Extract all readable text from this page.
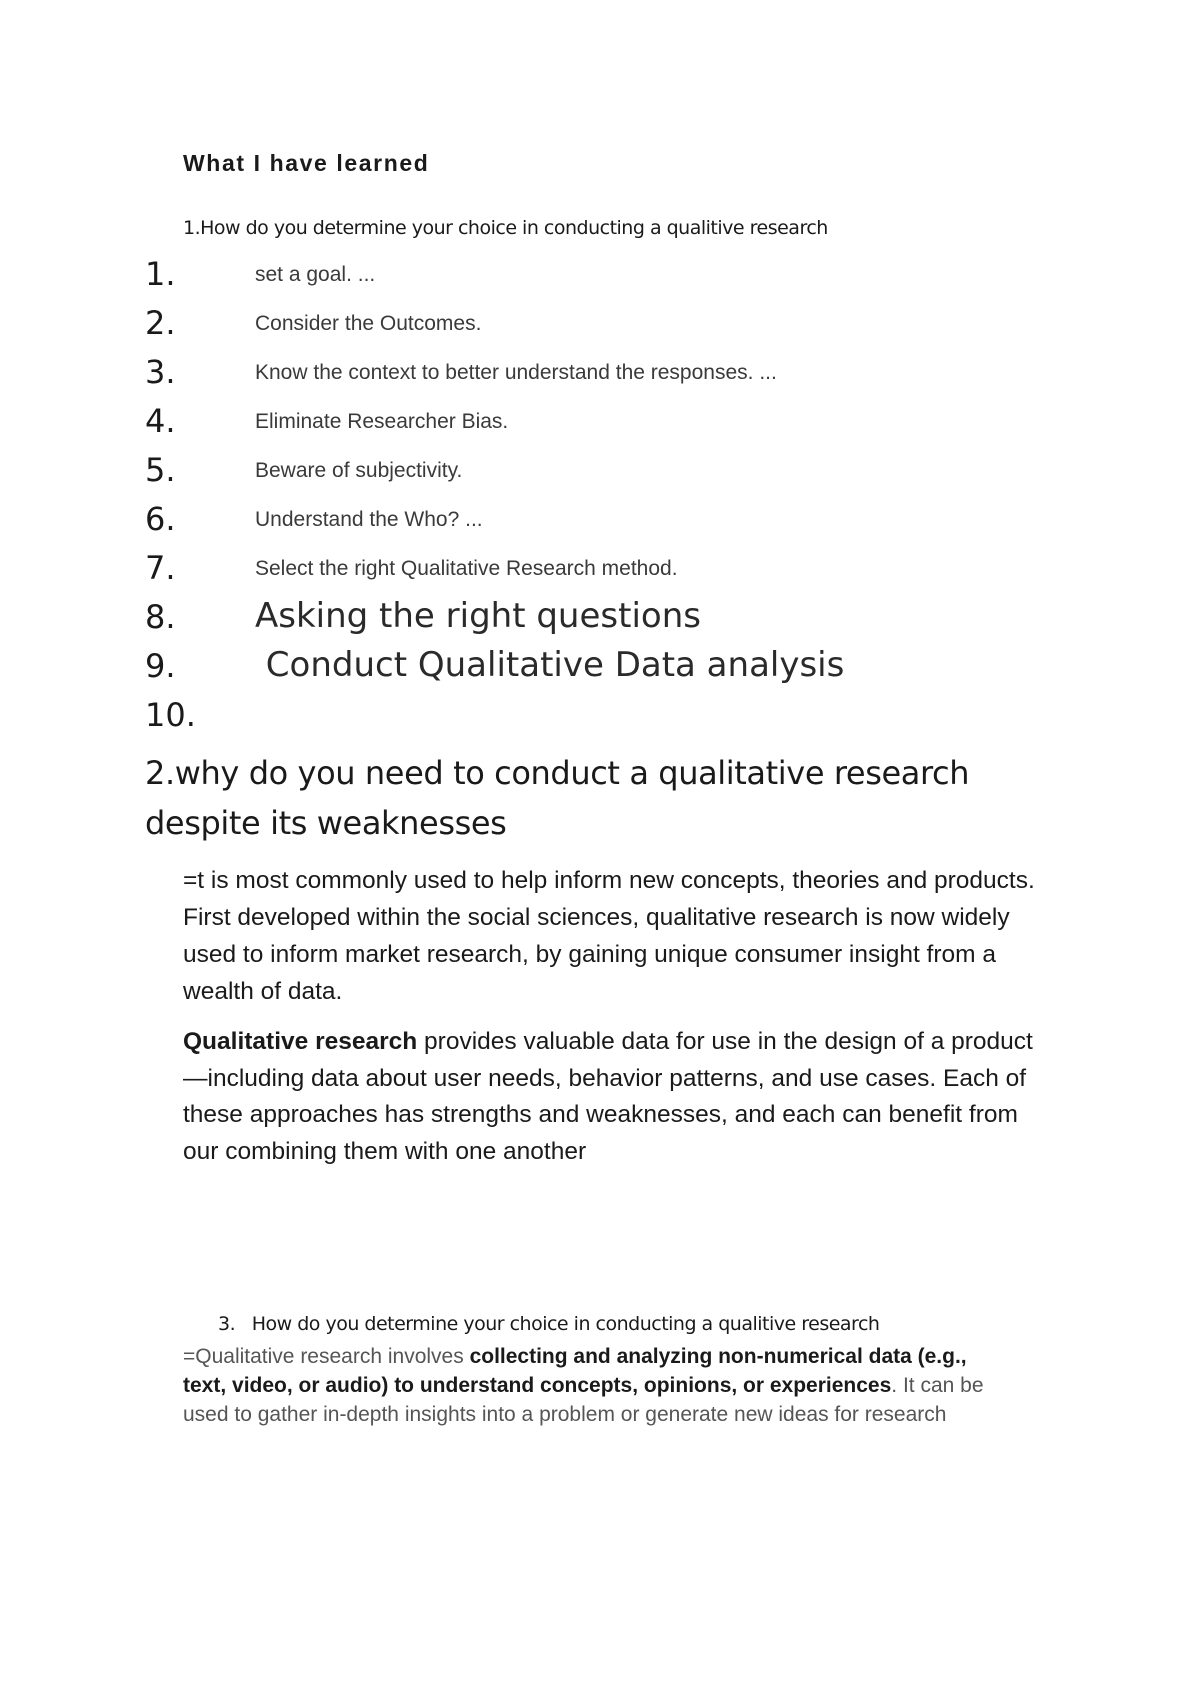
What I have learned
1.How do you determine your choice in conducting a qualitive research
1.	set a goal. ...
2.	Consider the Outcomes.
3.	Know the context to better understand the responses. ...
4.	Eliminate Researcher Bias.
5.	Beware of subjectivity.
6.	Understand the Who? ...
7.	Select the right Qualitative Research method.
8. Asking the right questions
9. Conduct Qualitative Data analysis
10.
2.why do you need to conduct a qualitative research despite its weaknesses
=t is most commonly used to help inform new concepts, theories and products. First developed within the social sciences, qualitative research is now widely used to inform market research, by gaining unique consumer insight from a wealth of data.
Qualitative research provides valuable data for use in the design of a product—including data about user needs, behavior patterns, and use cases. Each of these approaches has strengths and weaknesses, and each can benefit from our combining them with one another
3.   How do you determine your choice in conducting a qualitive research
=Qualitative research involves collecting and analyzing non-numerical data (e.g., text, video, or audio) to understand concepts, opinions, or experiences. It can be used to gather in-depth insights into a problem or generate new ideas for research
